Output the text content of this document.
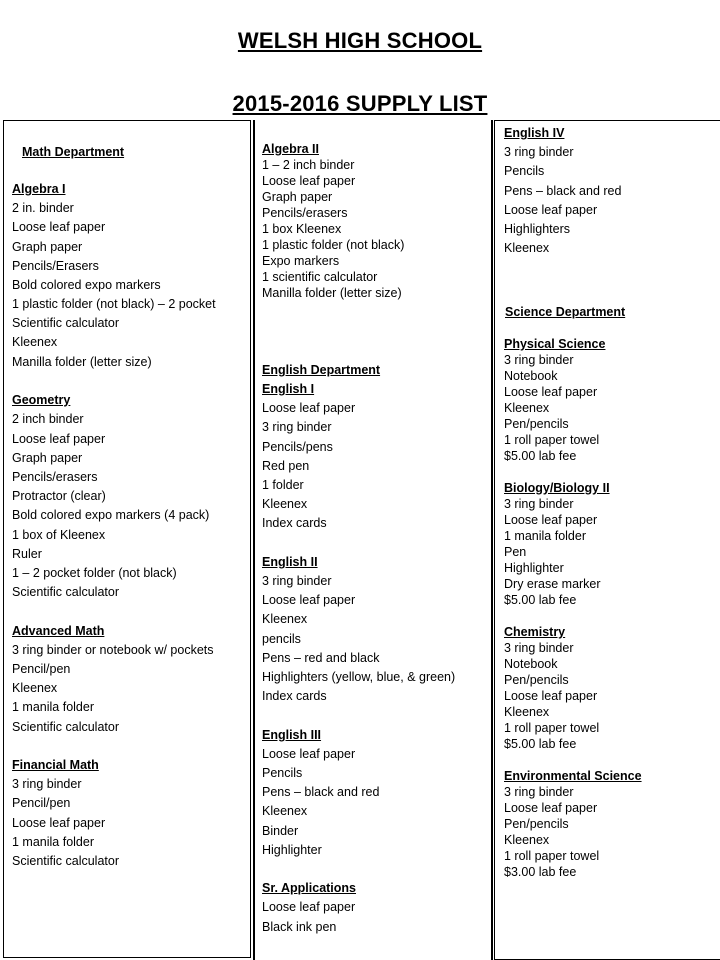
WELSH HIGH SCHOOL
2015-2016 SUPPLY LIST
Math Department
Algebra I
2 in. binder
Loose leaf paper
Graph paper
Pencils/Erasers
Bold colored expo markers
1 plastic folder (not black) – 2 pocket
Scientific calculator
Kleenex
Manilla folder (letter size)
Geometry
2 inch binder
Loose leaf paper
Graph paper
Pencils/erasers
Protractor (clear)
Bold colored expo markers (4 pack)
1 box of Kleenex
Ruler
1 – 2 pocket folder (not black)
Scientific calculator
Advanced Math
3 ring binder or notebook w/ pockets
Pencil/pen
Kleenex
1 manila folder
Scientific calculator
Financial Math
3 ring binder
Pencil/pen
Loose leaf paper
1 manila folder
Scientific calculator
Algebra II
1 – 2 inch binder
Loose leaf paper
Graph paper
Pencils/erasers
1 box Kleenex
1 plastic folder (not black)
Expo markers
1 scientific calculator
Manilla folder (letter size)
English Department
English I
Loose leaf paper
3 ring binder
Pencils/pens
Red pen
1 folder
Kleenex
Index cards
English II
3 ring binder
Loose leaf paper
Kleenex
pencils
Pens – red and black
Highlighters (yellow, blue, & green)
Index cards
English III
Loose leaf paper
Pencils
Pens – black and red
Kleenex
Binder
Highlighter
Sr. Applications
Loose leaf paper
Black ink pen
English IV
3 ring binder
Pencils
Pens – black and red
Loose leaf paper
Highlighters
Kleenex
Science Department
Physical Science
3 ring binder
Notebook
Loose leaf paper
Kleenex
Pen/pencils
1 roll paper towel
$5.00 lab fee
Biology/Biology II
3 ring binder
Loose leaf paper
1 manila folder
Pen
Highlighter
Dry erase marker
$5.00 lab fee
Chemistry
3 ring binder
Notebook
Pen/pencils
Loose leaf paper
Kleenex
1 roll paper towel
$5.00 lab fee
Environmental Science
3 ring binder
Loose leaf paper
Pen/pencils
Kleenex
1 roll paper towel
$3.00 lab fee
